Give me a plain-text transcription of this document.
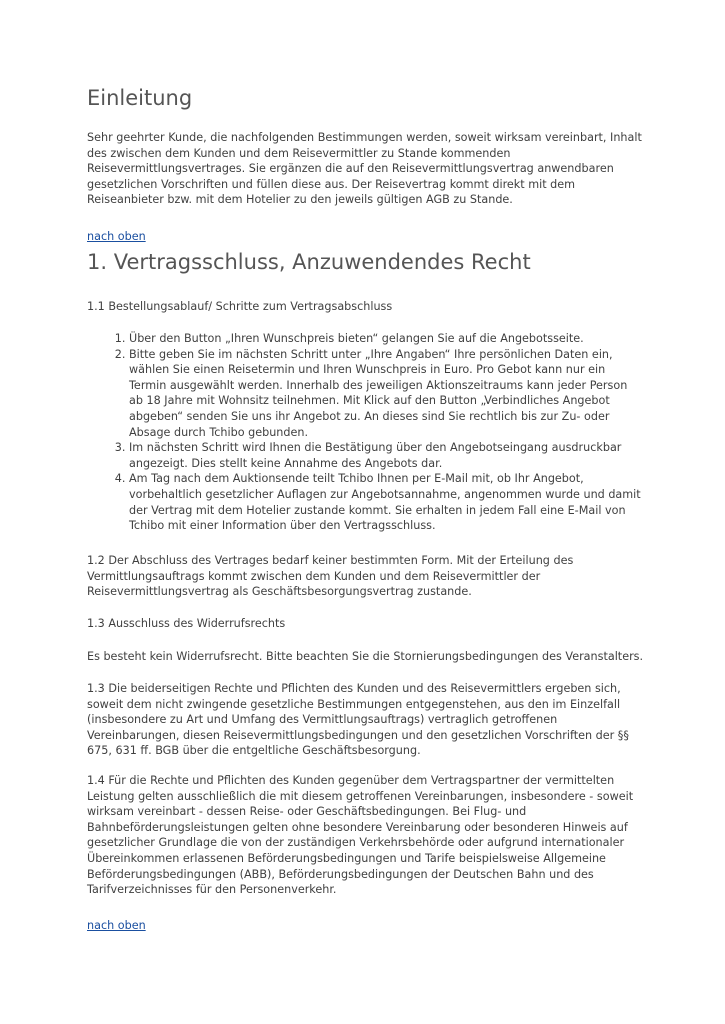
Einleitung

Sehr geehrter Kunde, die nachfolgenden Bestimmungen werden, soweit wirksam vereinbart, Inhalt des zwischen dem Kunden und dem Reisevermittler zu Stande kommenden Reisevermittlungsvertrages. Sie ergänzen die auf den Reisevermittlungsvertrag anwendbaren gesetzlichen Vorschriften und füllen diese aus. Der Reisevertrag kommt direkt mit dem Reiseanbieter bzw. mit dem Hotelier zu den jeweils gültigen AGB zu Stande.

nach oben
1. Vertragsschluss, Anzuwendendes Recht

1.1 Bestellungsablauf/ Schritte zum Vertragsabschluss

1. Über den Button „Ihren Wunschpreis bieten“ gelangen Sie auf die Angebotsseite.
2. Bitte geben Sie im nächsten Schritt unter „Ihre Angaben“ Ihre persönlichen Daten ein, wählen Sie einen Reisetermin und Ihren Wunschpreis in Euro. Pro Gebot kann nur ein Termin ausgewählt werden. Innerhalb des jeweiligen Aktionszeitraums kann jeder Person ab 18 Jahre mit Wohnsitz teilnehmen. Mit Klick auf den Button „Verbindliches Angebot abgeben“ senden Sie uns ihr Angebot zu. An dieses sind Sie rechtlich bis zur Zu- oder Absage durch Tchibo gebunden.
3. Im nächsten Schritt wird Ihnen die Bestätigung über den Angebotseingang ausdruckbar angezeigt. Dies stellt keine Annahme des Angebots dar.
4. Am Tag nach dem Auktionsende teilt Tchibo Ihnen per E-Mail mit, ob Ihr Angebot, vorbehaltlich gesetzlicher Auflagen zur Angebotsannahme, angenommen wurde und damit der Vertrag mit dem Hotelier zustande kommt. Sie erhalten in jedem Fall eine E-Mail von Tchibo mit einer Information über den Vertragsschluss.

1.2 Der Abschluss des Vertrages bedarf keiner bestimmten Form. Mit der Erteilung des Vermittlungsauftrags kommt zwischen dem Kunden und dem Reisevermittler der Reisevermittlungsvertrag als Geschäftsbesorgungsvertrag zustande.

1.3 Ausschluss des Widerrufsrechts

Es besteht kein Widerrufsrecht. Bitte beachten Sie die Stornierungsbedingungen des Veranstalters.

1.3 Die beiderseitigen Rechte und Pflichten des Kunden und des Reisevermittlers ergeben sich, soweit dem nicht zwingende gesetzliche Bestimmungen entgegenstehen, aus den im Einzelfall (insbesondere zu Art und Umfang des Vermittlungsauftrags) vertraglich getroffenen Vereinbarungen, diesen Reisevermittlungsbedingungen und den gesetzlichen Vorschriften der §§ 675, 631 ff. BGB über die entgeltliche Geschäftsbesorgung.

1.4 Für die Rechte und Pflichten des Kunden gegenüber dem Vertragspartner der vermittelten Leistung gelten ausschließlich die mit diesem getroffenen Vereinbarungen, insbesondere - soweit wirksam vereinbart - dessen Reise- oder Geschäftsbedingungen. Bei Flug- und Bahnbeförderungsleistungen gelten ohne besondere Vereinbarung oder besonderen Hinweis auf gesetzlicher Grundlage die von der zuständigen Verkehrsbehörde oder aufgrund internationaler Übereinkommen erlassenen Beförderungsbedingungen und Tarife beispielsweise Allgemeine Beförderungsbedingungen (ABB), Beförderungsbedingungen der Deutschen Bahn und des Tarifverzeichnisses für den Personenverkehr.

nach oben
